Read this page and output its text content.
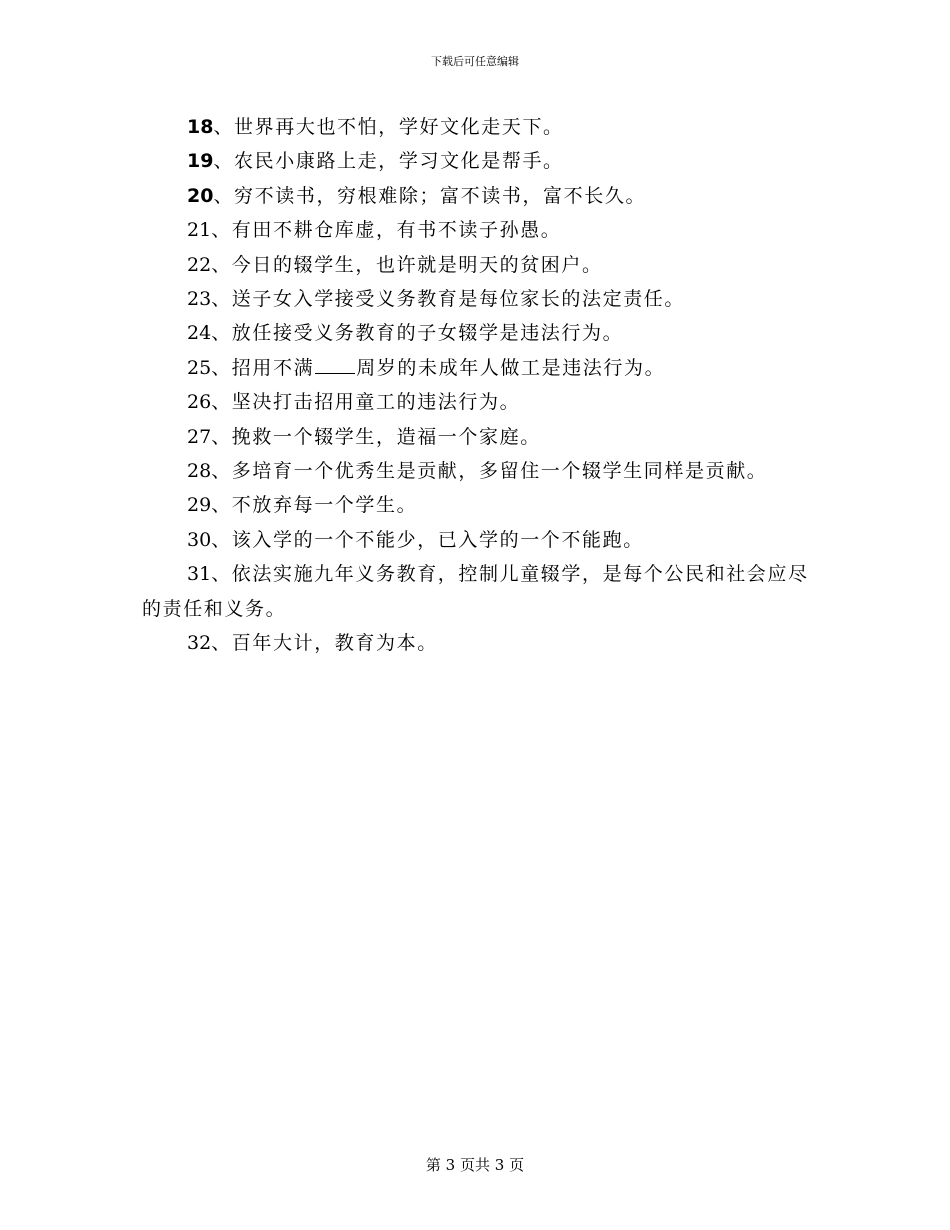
下载后可任意编辑
18、世界再大也不怕，学好文化走天下。
19、农民小康路上走，学习文化是帮手。
20、穷不读书，穷根难除；富不读书，富不长久。
21、有田不耕仓库虚，有书不读子孙愚。
22、今日的辍学生，也许就是明天的贫困户。
23、送子女入学接受义务教育是每位家长的法定责任。
24、放任接受义务教育的子女辍学是违法行为。
25、招用不满 周岁的未成年人做工是违法行为。
26、坚决打击招用童工的违法行为。
27、挽救一个辍学生，造福一个家庭。
28、多培育一个优秀生是贡献，多留住一个辍学生同样是贡献。
29、不放弃每一个学生。
30、该入学的一个不能少，已入学的一个不能跑。
31、依法实施九年义务教育，控制儿童辍学，是每个公民和社会应尽的责任和义务。
32、百年大计，教育为本。
第 3 页共 3 页
